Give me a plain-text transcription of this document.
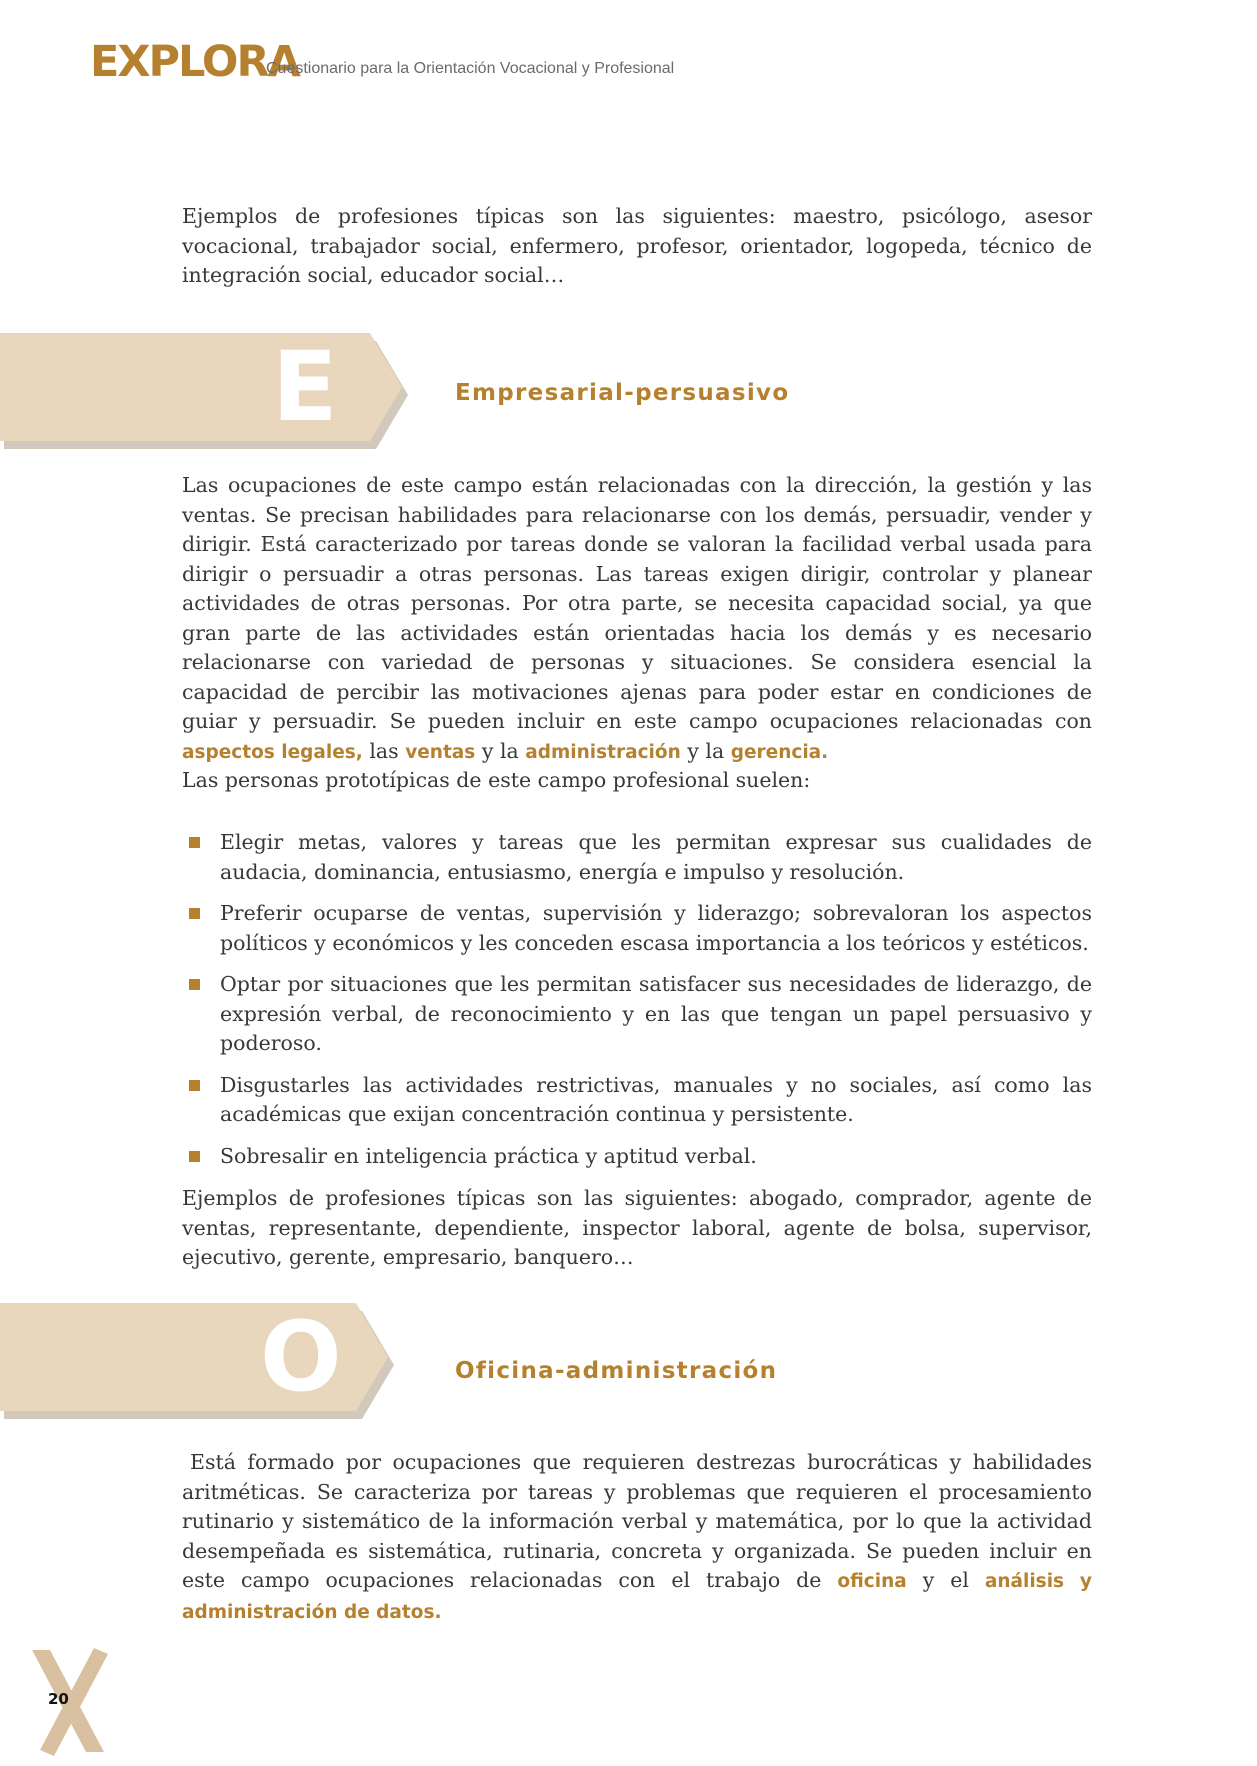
EXPLORA
Cuestionario para la Orientación Vocacional y Profesional

Ejemplos de profesiones típicas son las siguientes: maestro, psicólogo, asesor vocacional, trabajador social, enfermero, profesor, orientador, logopeda, técnico de integración social, educador social…

E	Empresarial-persuasivo

Las ocupaciones de este campo están relacionadas con la dirección, la gestión y las ventas. Se precisan habilidades para relacionarse con los demás, persuadir, vender y dirigir. Está caracterizado por tareas donde se valoran la facilidad verbal usada para dirigir o persuadir a otras personas. Las tareas exigen dirigir, controlar y planear actividades de otras personas. Por otra parte, se necesita capacidad social, ya que gran parte de las actividades están orientadas hacia los demás y es necesario relacionarse con variedad de personas y situaciones. Se considera esencial la capacidad de percibir las motivaciones ajenas para poder estar en condiciones de guiar y persuadir. Se pueden incluir en este campo ocupaciones relacionadas con aspectos legales, las ventas y la administración y la gerencia.

Las personas prototípicas de este campo profesional suelen:

Elegir metas, valores y tareas que les permitan expresar sus cualidades de audacia, dominancia, entusiasmo, energía e impulso y resolución.
Preferir ocuparse de ventas, supervisión y liderazgo; sobrevaloran los aspectos políticos y económicos y les conceden escasa importancia a los teóricos y estéticos.
Optar por situaciones que les permitan satisfacer sus necesidades de liderazgo, de expresión verbal, de reconocimiento y en las que tengan un papel persuasivo y poderoso.
Disgustarles las actividades restrictivas, manuales y no sociales, así como las académicas que exijan concentración continua y persistente.
Sobresalir en inteligencia práctica y aptitud verbal.

Ejemplos de profesiones típicas son las siguientes: abogado, comprador, agente de ventas, representante, dependiente, inspector laboral, agente de bolsa, supervisor, ejecutivo, gerente, empresario, banquero…

O	Oficina-administración

Está formado por ocupaciones que requieren destrezas burocráticas y habilidades aritméticas. Se caracteriza por tareas y problemas que requieren el procesamiento rutinario y sistemático de la información verbal y matemática, por lo que la actividad desempeñada es sistemática, rutinaria, concreta y organizada. Se pueden incluir en este campo ocupaciones relacionadas con el trabajo de oficina y el análisis y administración de datos.

20
